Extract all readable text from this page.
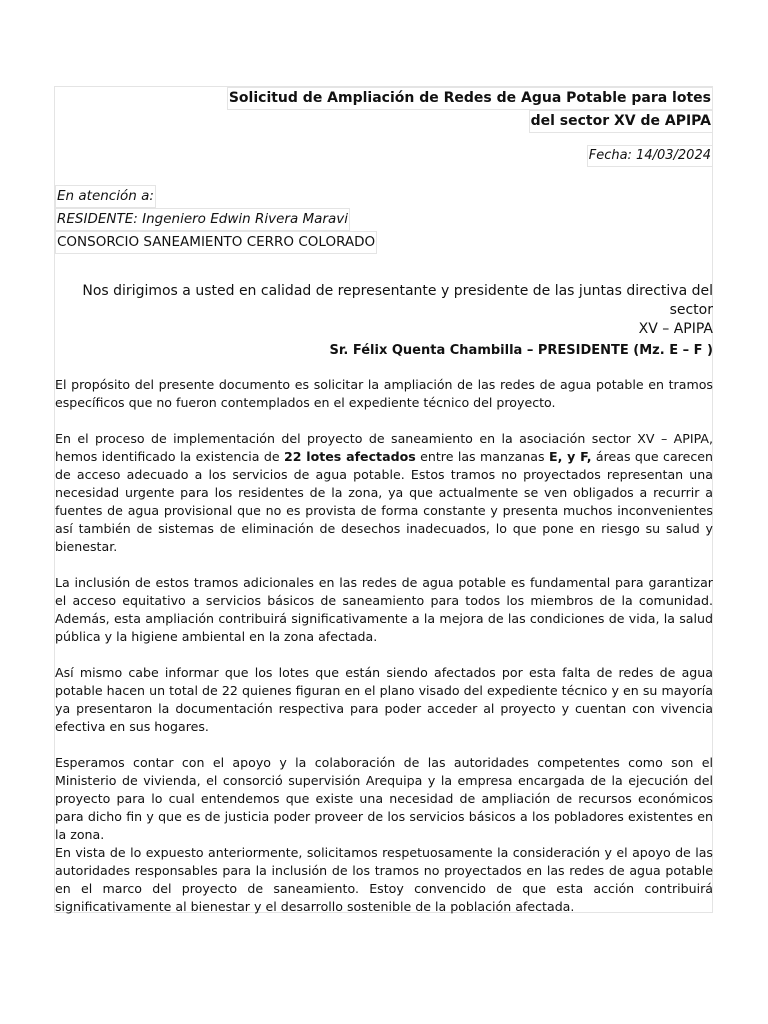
Solicitud de Ampliación de Redes de Agua Potable para lotes
del sector XV de APIPA
Fecha: 14/03/2024
En atención a:
RESIDENTE: Ingeniero Edwin Rivera Maravi
CONSORCIO SANEAMIENTO CERRO COLORADO
Nos dirigimos a usted en calidad de representante y presidente de las juntas directiva del sector
XV – APIPA
Sr. Félix Quenta Chambilla – PRESIDENTE (Mz. E – F )

El propósito del presente documento es solicitar la ampliación de las redes de agua potable en tramos específicos que no fueron contemplados en el expediente técnico del proyecto.

En el proceso de implementación del proyecto de saneamiento en la asociación sector XV – APIPA, hemos identificado la existencia de 22 lotes afectados entre las manzanas E, y F, áreas que carecen de acceso adecuado a los servicios de agua potable. Estos tramos no proyectados representan una necesidad urgente para los residentes de la zona, ya que actualmente se ven obligados a recurrir a fuentes de agua provisional que no es provista de forma constante y presenta muchos inconvenientes así también de sistemas de eliminación de desechos inadecuados, lo que pone en riesgo su salud y bienestar.

La inclusión de estos tramos adicionales en las redes de agua potable es fundamental para garantizar el acceso equitativo a servicios básicos de saneamiento para todos los miembros de la comunidad. Además, esta ampliación contribuirá significativamente a la mejora de las condiciones de vida, la salud pública y la higiene ambiental en la zona afectada.

Así mismo cabe informar que los lotes que están siendo afectados por esta falta de redes de agua potable hacen un total de 22 quienes figuran en el plano visado del expediente técnico y en su mayoría ya presentaron la documentación respectiva para poder acceder al proyecto y cuentan con vivencia efectiva en sus hogares.

Esperamos contar con el apoyo y la colaboración de las autoridades competentes como son el Ministerio de vivienda, el consorció supervisión Arequipa y la empresa encargada de la ejecución del proyecto para lo cual entendemos que existe una necesidad de ampliación de recursos económicos para dicho fin y que es de justicia poder proveer de los servicios básicos a los pobladores existentes en la zona.

En vista de lo expuesto anteriormente, solicitamos respetuosamente la consideración y el apoyo de las autoridades responsables para la inclusión de los tramos no proyectados en las redes de agua potable en el marco del proyecto de saneamiento. Estoy convencido de que esta acción contribuirá significativamente al bienestar y el desarrollo sostenible de la población afectada.
